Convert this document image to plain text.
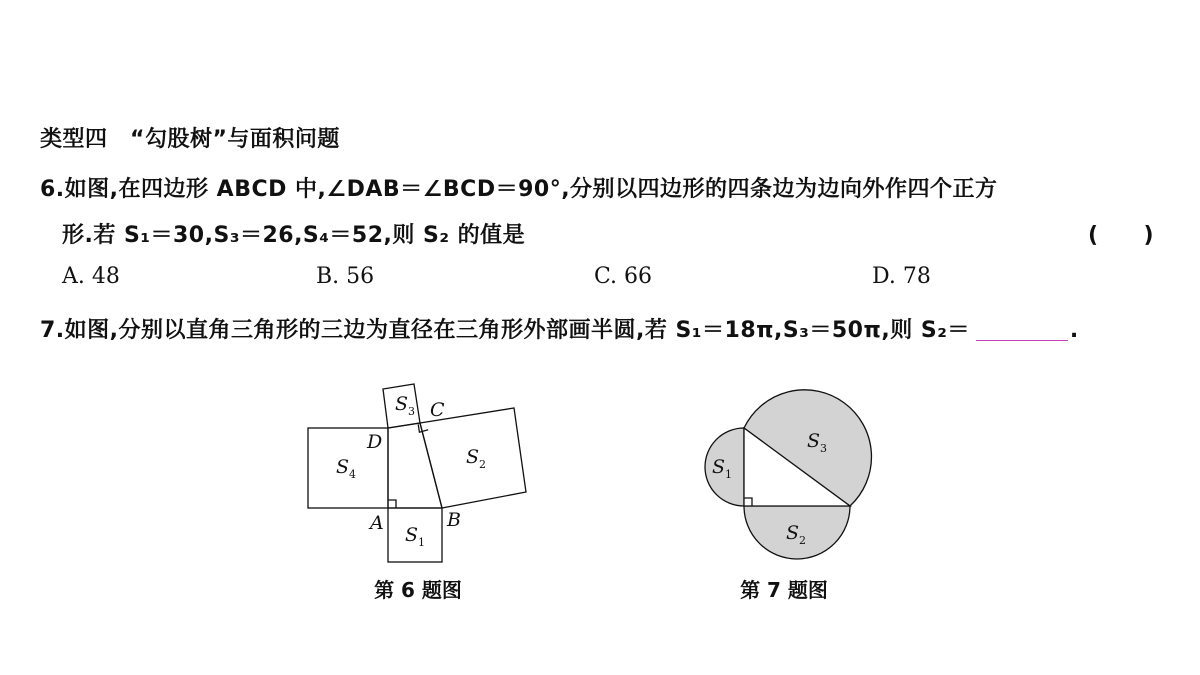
类型四　“勾股树”与面积问题
6.如图,在四边形 ABCD 中,∠DAB＝∠BCD＝90°,分别以四边形的四条边为边向外作四个正方
形.若 S₁＝30,S₃＝26,S₄＝52,则 S₂ 的值是	(　　)
A. 48	B. 56	C. 66	D. 78
7.如图,分别以直角三角形的三边为直径在三角形外部画半圆,若 S₁＝18π,S₃＝50π,则 S₂＝	.
D
C
A	B
S 4
S 1
S 3
S 2	S 1
S 2
S 3
第 6 题图	第 7 题图
